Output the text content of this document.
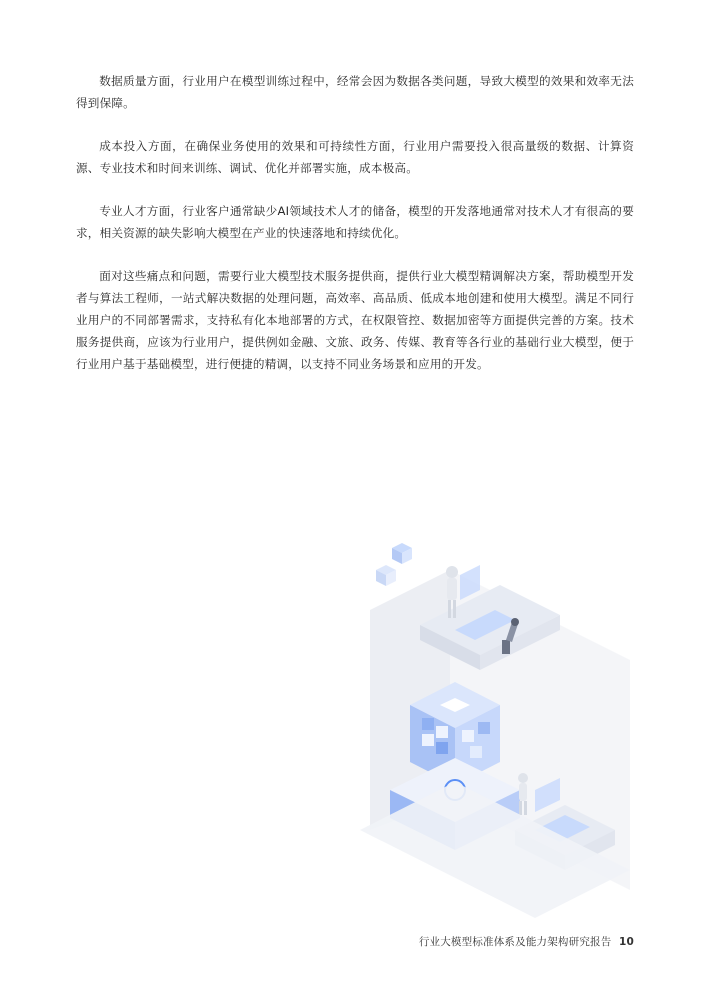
数据质量方面，行业用户在模型训练过程中，经常会因为数据各类问题，导致大模型的效果和效率无法得到保障。

成本投入方面，在确保业务使用的效果和可持续性方面，行业用户需要投入很高量级的数据、计算资源、专业技术和时间来训练、调试、优化并部署实施，成本极高。

专业人才方面，行业客户通常缺少AI领域技术人才的储备，模型的开发落地通常对技术人才有很高的要求，相关资源的缺失影响大模型在产业的快速落地和持续优化。

面对这些痛点和问题，需要行业大模型技术服务提供商，提供行业大模型精调解决方案，帮助模型开发者与算法工程师，一站式解决数据的处理问题，高效率、高品质、低成本地创建和使用大模型。满足不同行业用户的不同部署需求，支持私有化本地部署的方式，在权限管控、数据加密等方面提供完善的方案。技术服务提供商，应该为行业用户，提供例如金融、文旅、政务、传媒、教育等各行业的基础行业大模型，便于行业用户基于基础模型，进行便捷的精调，以支持不同业务场景和应用的开发。

行业大模型标准体系及能力架构研究报告 10
